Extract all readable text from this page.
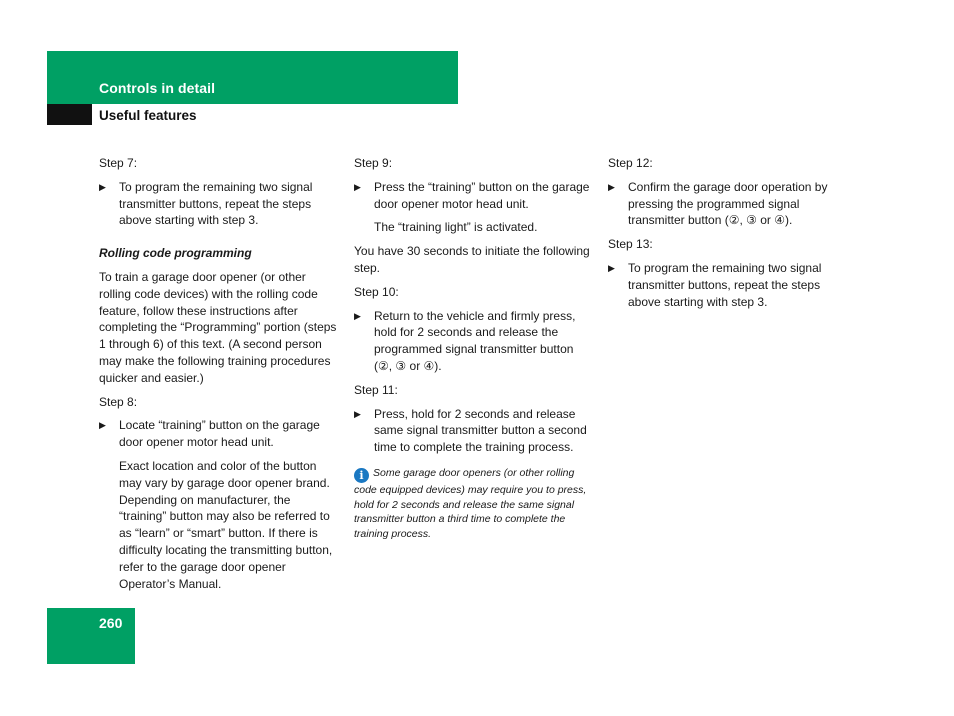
Controls in detail
Useful features

Step 7:

▶ To program the remaining two signal transmitter buttons, repeat the steps above starting with step 3.

Rolling code programming

To train a garage door opener (or other rolling code devices) with the rolling code feature, follow these instructions after completing the “Programming” portion (steps 1 through 6) of this text. (A second person may make the following training procedures quicker and easier.)

Step 8:

▶ Locate “training” button on the garage door opener motor head unit.

Exact location and color of the button may vary by garage door opener brand. Depending on manufacturer, the “training” button may also be referred to as “learn” or “smart” button. If there is difficulty locating the transmitting button, refer to the garage door opener Operator’s Manual.

Step 9:

▶ Press the “training” button on the garage door opener motor head unit.

The “training light” is activated.

You have 30 seconds to initiate the following step.

Step 10:

▶ Return to the vehicle and firmly press, hold for 2 seconds and release the programmed signal transmitter button (②, ③ or ④).

Step 11:

▶ Press, hold for 2 seconds and release same signal transmitter button a second time to complete the training process.
i Some garage door openers (or other rolling code equipped devices) may require you to press, hold for 2 seconds and release the same signal transmitter button a third time to complete the training process.

Step 12:

▶ Confirm the garage door operation by pressing the programmed signal transmitter button (②, ③ or ④).

Step 13:

▶ To program the remaining two signal transmitter buttons, repeat the steps above starting with step 3.
260
